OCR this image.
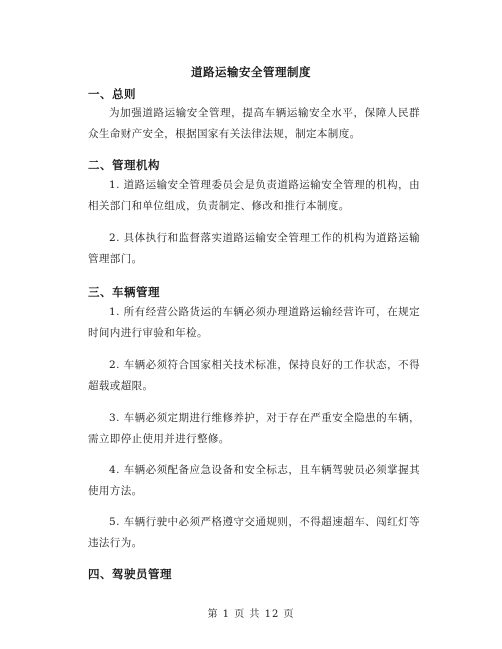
道路运输安全管理制度
一、总则
为加强道路运输安全管理，提高车辆运输安全水平，保障人民群众生命财产安全，根据国家有关法律法规，制定本制度。
二、管理机构
1. 道路运输安全管理委员会是负责道路运输安全管理的机构，由相关部门和单位组成，负责制定、修改和推行本制度。
2. 具体执行和监督落实道路运输安全管理工作的机构为道路运输管理部门。
三、车辆管理
1. 所有经营公路货运的车辆必须办理道路运输经营许可，在规定时间内进行审验和年检。
2. 车辆必须符合国家相关技术标准，保持良好的工作状态，不得超载或超限。
3. 车辆必须定期进行维修养护，对于存在严重安全隐患的车辆，需立即停止使用并进行整修。
4. 车辆必须配备应急设备和安全标志，且车辆驾驶员必须掌握其使用方法。
5. 车辆行驶中必须严格遵守交通规则，不得超速超车、闯红灯等违法行为。
四、驾驶员管理
第 1 页 共 12 页
